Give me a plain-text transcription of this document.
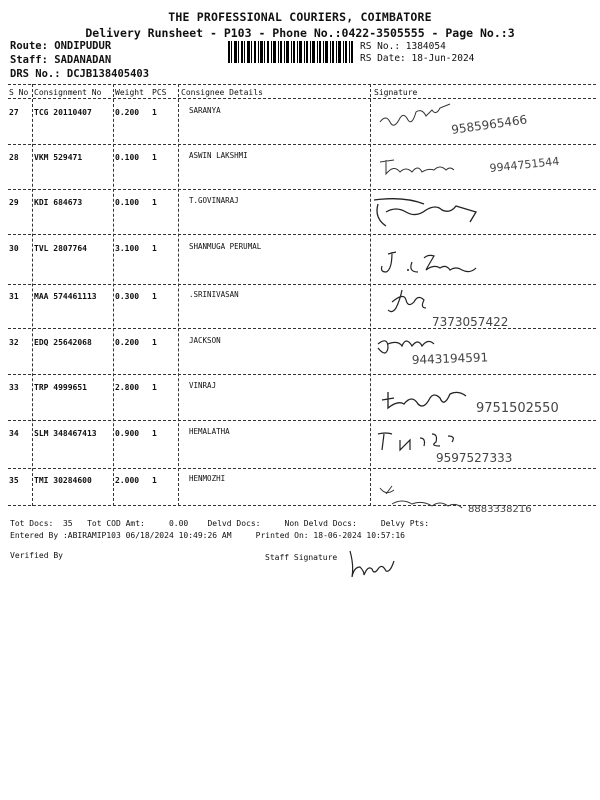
THE PROFESSIONAL COURIERS, COIMBATORE
Delivery Runsheet - P103 - Phone No.:0422-3505555 - Page No.:3
Route: ONDIPUDUR
Staff: SADANADAN
DRS No.: DCJB138405403
RS No.: 1384054
RS Date: 18-Jun-2024
S No Consignment No Weight PCS Consignee Details	Signature
27 TCG 20110407	0.200 1	SARANYA
9585965466
28 VKM 529471	0.100 1	ASWIN LAKSHMI	9944751544
29 KDI 684673	0.100 1	T.GOVINARAJ
30 TVL 2807764	3.100 1	SHANMUGA PERUMAL
31 MAA 574461113 0.300 1	.SRINIVASAN
7373057422
32 EDQ 25642068	0.200 1	JACKSON
9443194591
33 TRP 4999651	2.800 1	VINRAJ
9751502550
34 SLM 348467413 0.900 1	HEMALATHA
9597527333
35 TMI 30284600	2.000 1	HENMOZHI
8883338216
Tot Docs:  35   Tot COD Amt:     0.00    Delvd Docs:     Non Delvd Docs:     Delvy Pts:
Entered By :ABIRAMIP103 06/18/2024 10:49:26 AM     Printed On: 18-06-2024 10:57:16
Verified By	Staff Signature
